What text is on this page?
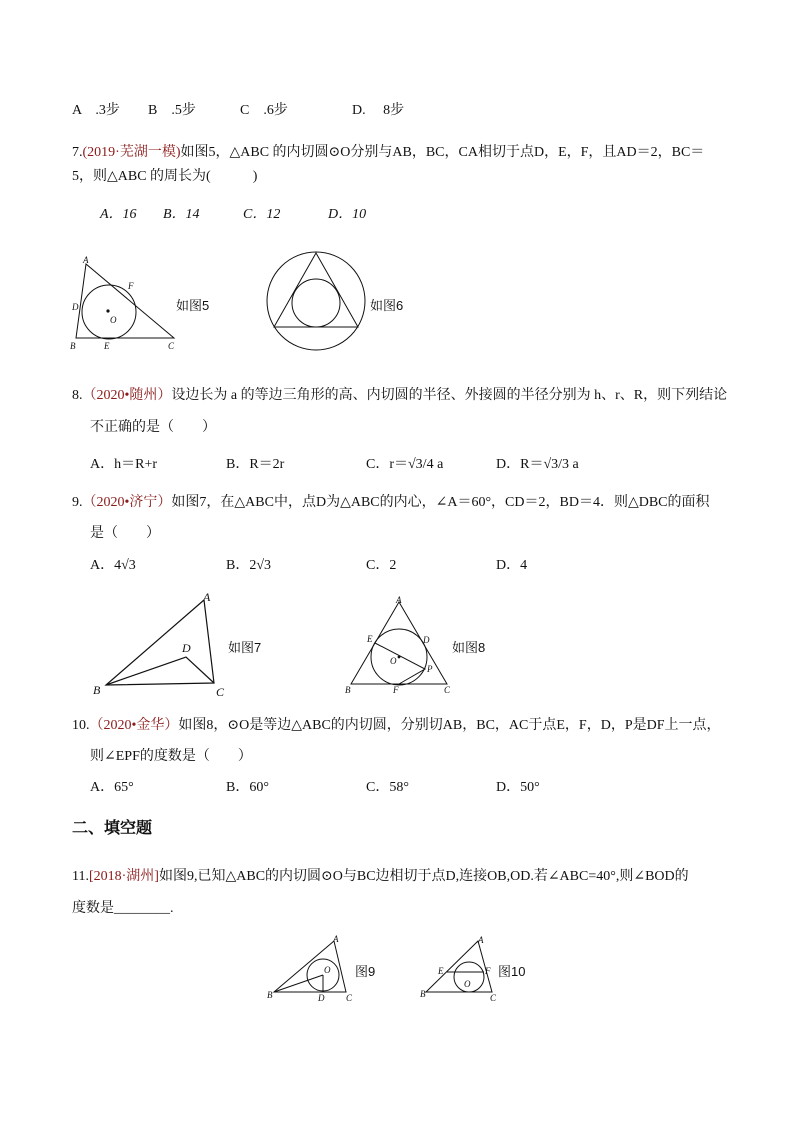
A　.3步 B　.5步	C　.6步	D.　 8步
7.(2019·芜湖一模)如图5，△ABC 的内切圆⊙O分别与AB，BC，CA相切于点D，E，F，且AD＝2，BC＝
5，则△ABC 的周长为(　　　)
A．16 B．14	C．12	D．10
A
B	C
D
E
F
O
如图5	如图6
8.（2020•随州）设边长为 a 的等边三角形的高、内切圆的半径、外接圆的半径分别为 h、r、R，则下列结论
不正确的是（　　）
A．h＝R+r	B．R＝2r	C．r＝√3/4 a	D．R＝√3/3 a
9.（2020•济宁）如图7，在△ABC中，点D为△ABC的内心，∠A＝60°，CD＝2，BD＝4．则△DBC的面积
是（　　）
A．4√3	B．2√3	C．2	D．4
A
B	C
D	如图7
A
B	C
D
E
F
O
P
如图8
10.（2020•金华）如图8，⊙O是等边△ABC的内切圆，分别切AB，BC，AC于点E，F，D，P是DF上一点，
则∠EPF的度数是（　　）
A．65°	B．60°	C．58°	D．50°
二、填空题
11.[2018·湖州]如图9,已知△ABC的内切圆⊙O与BC边相切于点D,连接OB,OD.若∠ABC=40°,则∠BOD的
度数是________.
A
B	C
D
O 图9
A
B	C
E	F
O
图10
